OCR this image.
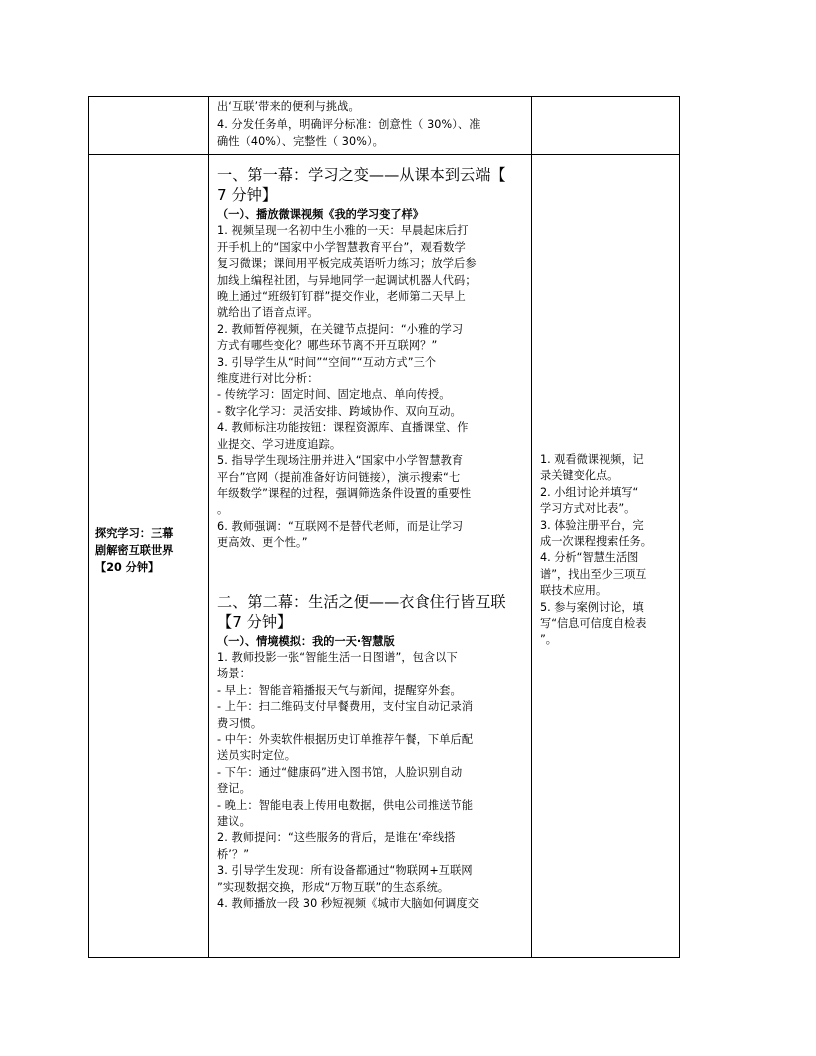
出‘互联’带来的便利与挑战。
4. 分发任务单，明确评分标准：创意性（ 30%）、准
确性（40%）、完整性（ 30%）。
探究学习：三幕
剧解密互联世界
【20 分钟】
一、第一幕：学习之变——从课本到云端【
7 分钟】
（一）、播放微课视频《我的学习变了样》
1. 视频呈现一名初中生小雅的一天：早晨起床后打
开手机上的“国家中小学智慧教育平台”，观看数学
复习微课；课间用平板完成英语听力练习；放学后参
加线上编程社团，与异地同学一起调试机器人代码；
晚上通过“班级钉钉群”提交作业，老师第二天早上
就给出了语音点评。
2. 教师暂停视频，在关键节点提问：“小雅的学习
方式有哪些变化？哪些环节离不开互联网？”
3. 引导学生从“时间”“空间”“互动方式”三个
维度进行对比分析：
- 传统学习：固定时间、固定地点、单向传授。
- 数字化学习：灵活安排、跨域协作、双向互动。
4. 教师标注功能按钮：课程资源库、直播课堂、作
业提交、学习进度追踪。
5. 指导学生现场注册并进入“国家中小学智慧教育
平台”官网（提前准备好访问链接），演示搜索“七
年级数学”课程的过程，强调筛选条件设置的重要性
。
6. 教师强调：“互联网不是替代老师，而是让学习
更高效、更个性。”
二、第二幕：生活之便——衣食住行皆互联
【7 分钟】
（一）、情境模拟：我的一天·智慧版
1. 教师投影一张“智能生活一日图谱”，包含以下
场景：
- 早上：智能音箱播报天气与新闻，提醒穿外套。
- 上午：扫二维码支付早餐费用，支付宝自动记录消
费习惯。
- 中午：外卖软件根据历史订单推荐午餐，下单后配
送员实时定位。
- 下午：通过“健康码”进入图书馆，人脸识别自动
登记。
- 晚上：智能电表上传用电数据，供电公司推送节能
建议。
2. 教师提问：“这些服务的背后，是谁在‘牵线搭
桥’？”
3. 引导学生发现：所有设备都通过“物联网+互联网
”实现数据交换，形成“万物互联”的生态系统。
4. 教师播放一段 30 秒短视频《城市大脑如何调度交
1. 观看微课视频，记
录关键变化点。
2. 小组讨论并填写“
学习方式对比表”。
3. 体验注册平台，完
成一次课程搜索任务。
4. 分析“智慧生活图
谱”，找出至少三项互
联技术应用。
5. 参与案例讨论，填
写“信息可信度自检表
”。
